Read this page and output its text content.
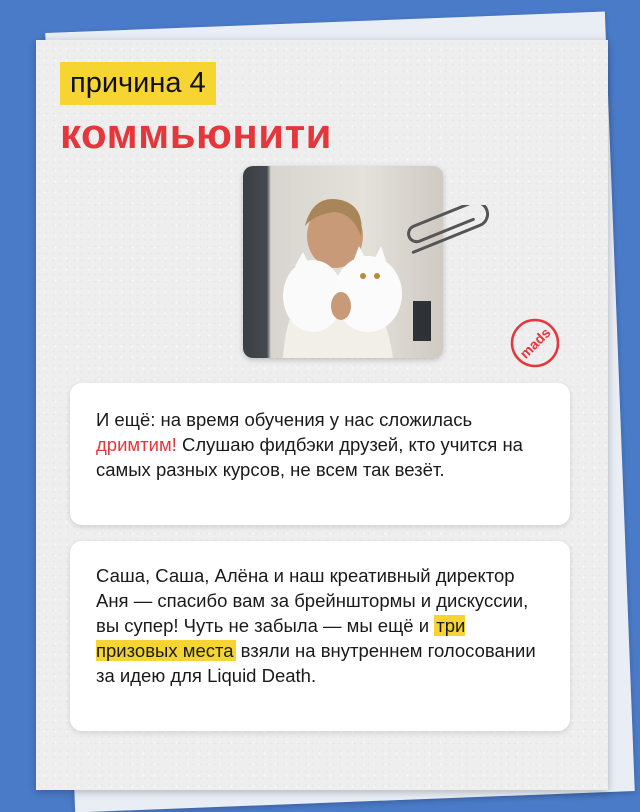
причина 4
коммьюнити
mads
И ещё: на время обучения у нас сложилась дримтим! Слушаю фидбэки друзей, кто учится на самых разных курсов, не всем так везёт.
Саша, Саша, Алёна и наш креативный директор Аня — спасибо вам за брейнштормы и дискуссии, вы супер! Чуть не забыла — мы ещё и три призовых места взяли на внутреннем голосовании за идею для Liquid Death.
